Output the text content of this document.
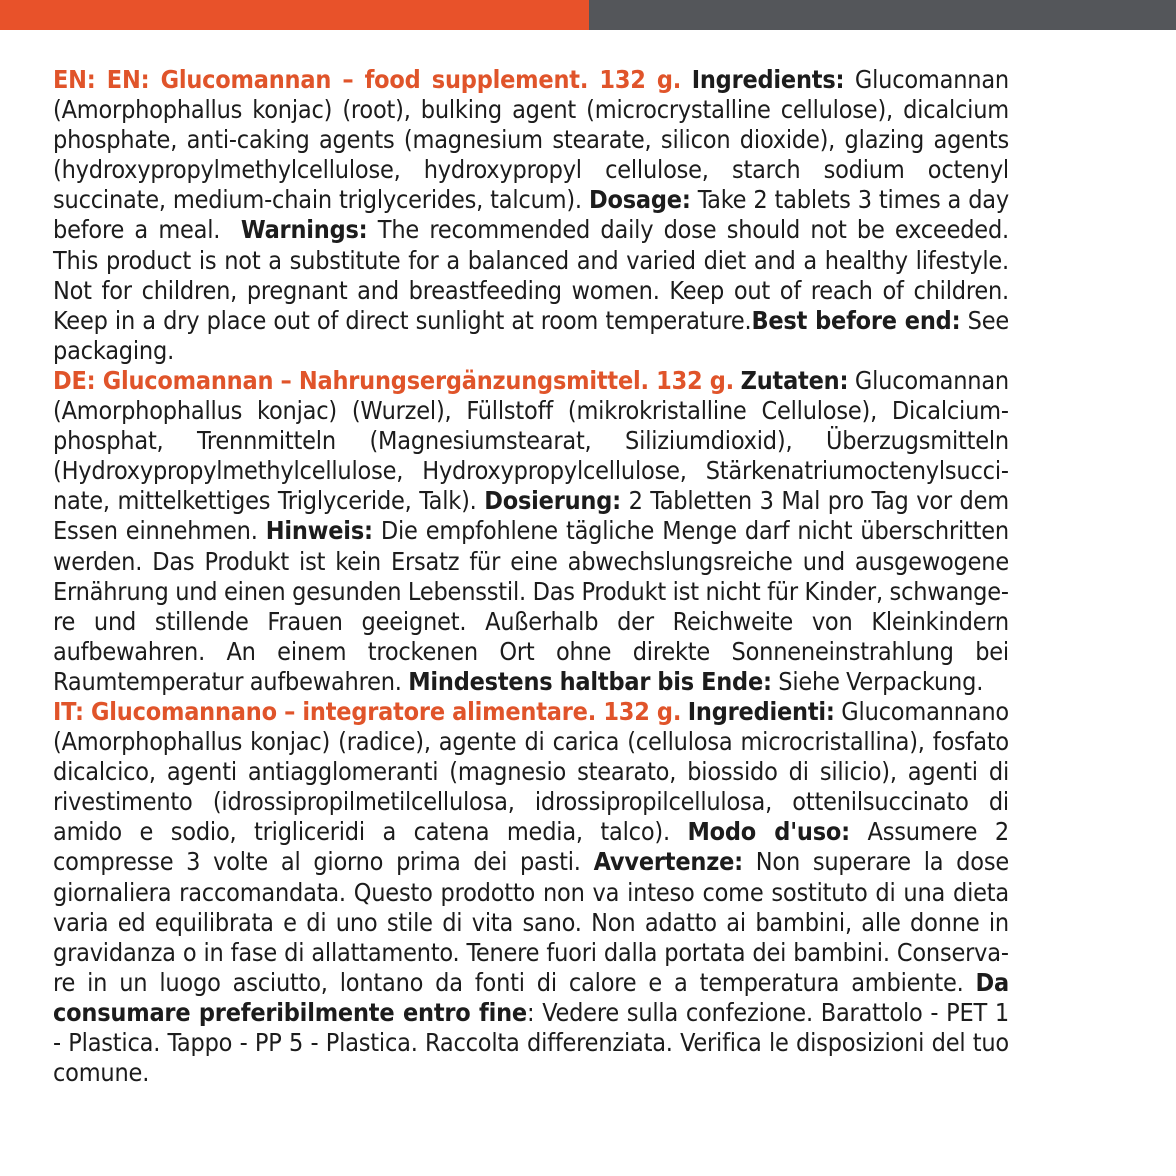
EN: EN: Glucomannan – food supplement. 132 g. Ingredients: Glucomannan (Amorphophallus konjac) (root), bulking agent (microcrystalline cellulose), dicalcium phosphate, anti-caking agents (magnesium stearate, silicon dioxide), glazing agents (hydroxypropylmethylcellulose, hydroxypropyl cellulose, starch sodium octenyl succinate, medium-chain triglycerides, talcum). Dosage: Take 2 tablets 3 times a day before a meal. Warnings: The recommended daily dose should not be exceeded. This product is not a substitute for a balanced and varied diet and a healthy lifestyle. Not for children, pregnant and breastfeeding women. Keep out of reach of children. Keep in a dry place out of direct sunlight at room temperature.Best before end: See packaging.

DE: Glucomannan – Nahrungsergänzungsmittel. 132 g. Zutaten: Glucomannan (Amorphophallus konjac) (Wurzel), Füllstoff (mikrokristalline Cellulose), Dicalciumphosphat, Trennmitteln (Magnesiumstearat, Siliziumdioxid), Überzugsmitteln (Hydroxypropylmethylcellulose, Hydroxypropylcellulose, Stärkenatriumoctenylsuccinate, mittelkettiges Triglyceride, Talk). Dosierung: 2 Tabletten 3 Mal pro Tag vor dem Essen einnehmen. Hinweis: Die empfohlene tägliche Menge darf nicht überschritten werden. Das Produkt ist kein Ersatz für eine abwechslungsreiche und ausgewogene Ernährung und einen gesunden Lebensstil. Das Produkt ist nicht für Kinder, schwangere und stillende Frauen geeignet. Außerhalb der Reichweite von Kleinkindern aufbewahren. An einem trockenen Ort ohne direkte Sonneneinstrahlung bei Raumtemperatur aufbewahren. Mindestens haltbar bis Ende: Siehe Verpackung.

IT: Glucomannano – integratore alimentare. 132 g. Ingredienti: Glucomannano (Amorphophallus konjac) (radice), agente di carica (cellulosa microcristallina), fosfato dicalcico, agenti antiagglomeranti (magnesio stearato, biossido di silicio), agenti di rivestimento (idrossipropilmetilcellulosa, idrossipropilcellulosa, ottenilsuccinato di amido e sodio, trigliceridi a catena media, talco). Modo d'uso: Assumere 2 compresse 3 volte al giorno prima dei pasti. Avvertenze: Non superare la dose giornaliera raccomandata. Questo prodotto non va inteso come sostituto di una dieta varia ed equilibrata e di uno stile di vita sano. Non adatto ai bambini, alle donne in gravidanza o in fase di allattamento. Tenere fuori dalla portata dei bambini. Conservare in un luogo asciutto, lontano da fonti di calore e a temperatura ambiente. Da consumare preferibilmente entro fine: Vedere sulla confezione. Barattolo - PET 1 - Plastica. Tappo - PP 5 - Plastica. Raccolta differenziata. Verifica le disposizioni del tuo comune.
